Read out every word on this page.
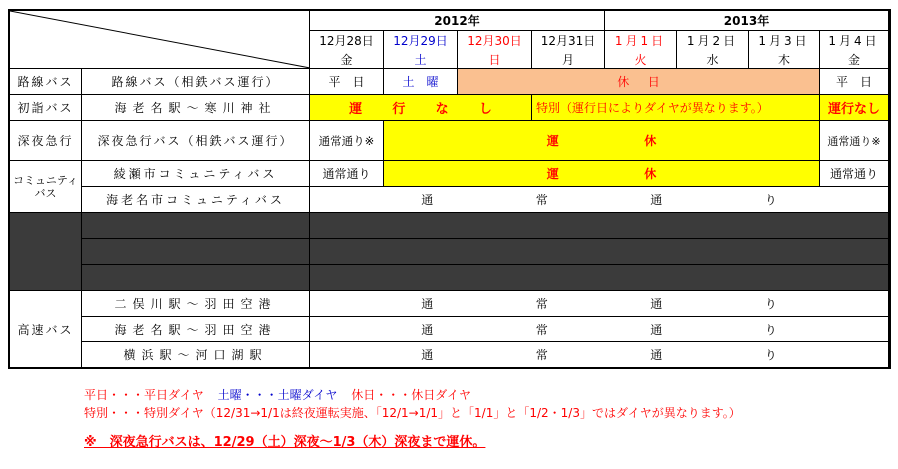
2012年	2013年
12月28日	12月29日	12月30日	12月31日	1月1日	1月2日	1月3日	1月4日
金	土	日	月	火	水	木	金
路線バス	路線バス（相鉄バス運行）	平　日	土　曜	休 日	平　日
初詣バス	海老名駅～寒川神社	運 行 な し	特別（運行日によりダイヤが異なります。）	運行なし
深夜急行	深夜急行バス（相鉄バス運行）	通常通り※	運	休	通常通り※
コミュニティバス
綾瀬市コミュニティバス	通常通り	運	休	通常通り
海老名市コミュニティバス	通	常	通	り
高速バス
二俣川駅～羽田空港	通	常	通	り
海老名駅～羽田空港	通	常	通	り
横浜駅～河口湖駅	通	常	通	り
平日・・・平日ダイヤ 土曜・・・土曜ダイヤ 休日・・・休日ダイヤ
特別・・・特別ダイヤ（12/31→1/1は終夜運転実施、「12/1→1/1」と「1/1」と「1/2・1/3」ではダイヤが異なります。）
※　深夜急行バスは、12/29（土）深夜～1/3（木）深夜まで運休。
